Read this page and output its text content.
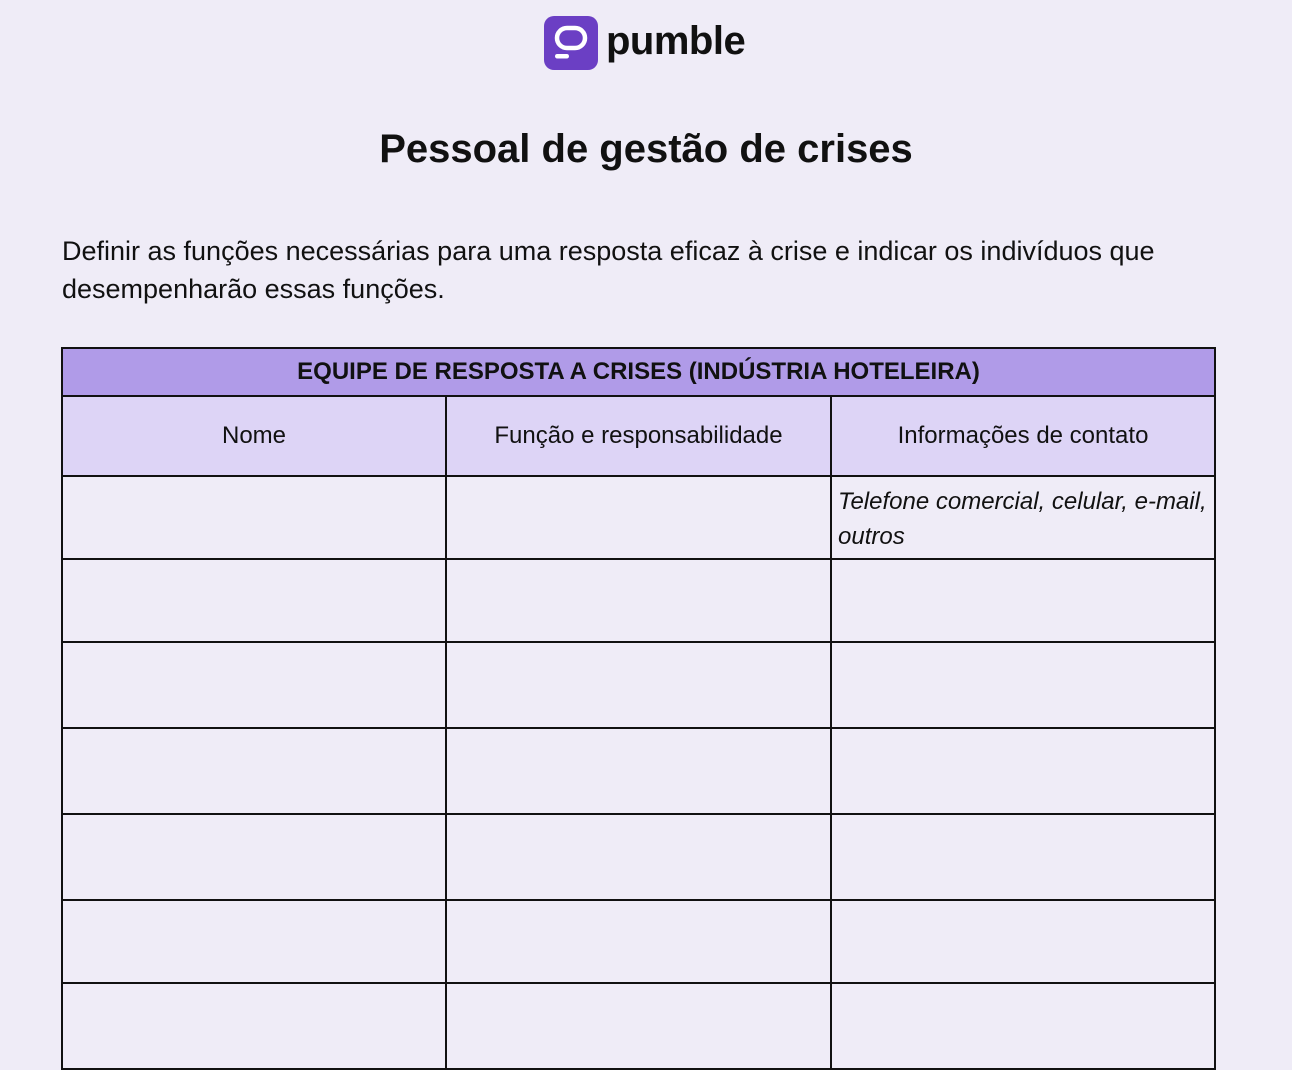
pumble
Pessoal de gestão de crises

Definir as funções necessárias para uma resposta eficaz à crise e indicar os indivíduos que desempenharão essas funções.

EQUIPE DE RESPOSTA A CRISES (INDÚSTRIA HOTELEIRA)		
Nome	Função e responsabilidade	Informações de contato

		Telefone comercial, celular, e-mail, outros
